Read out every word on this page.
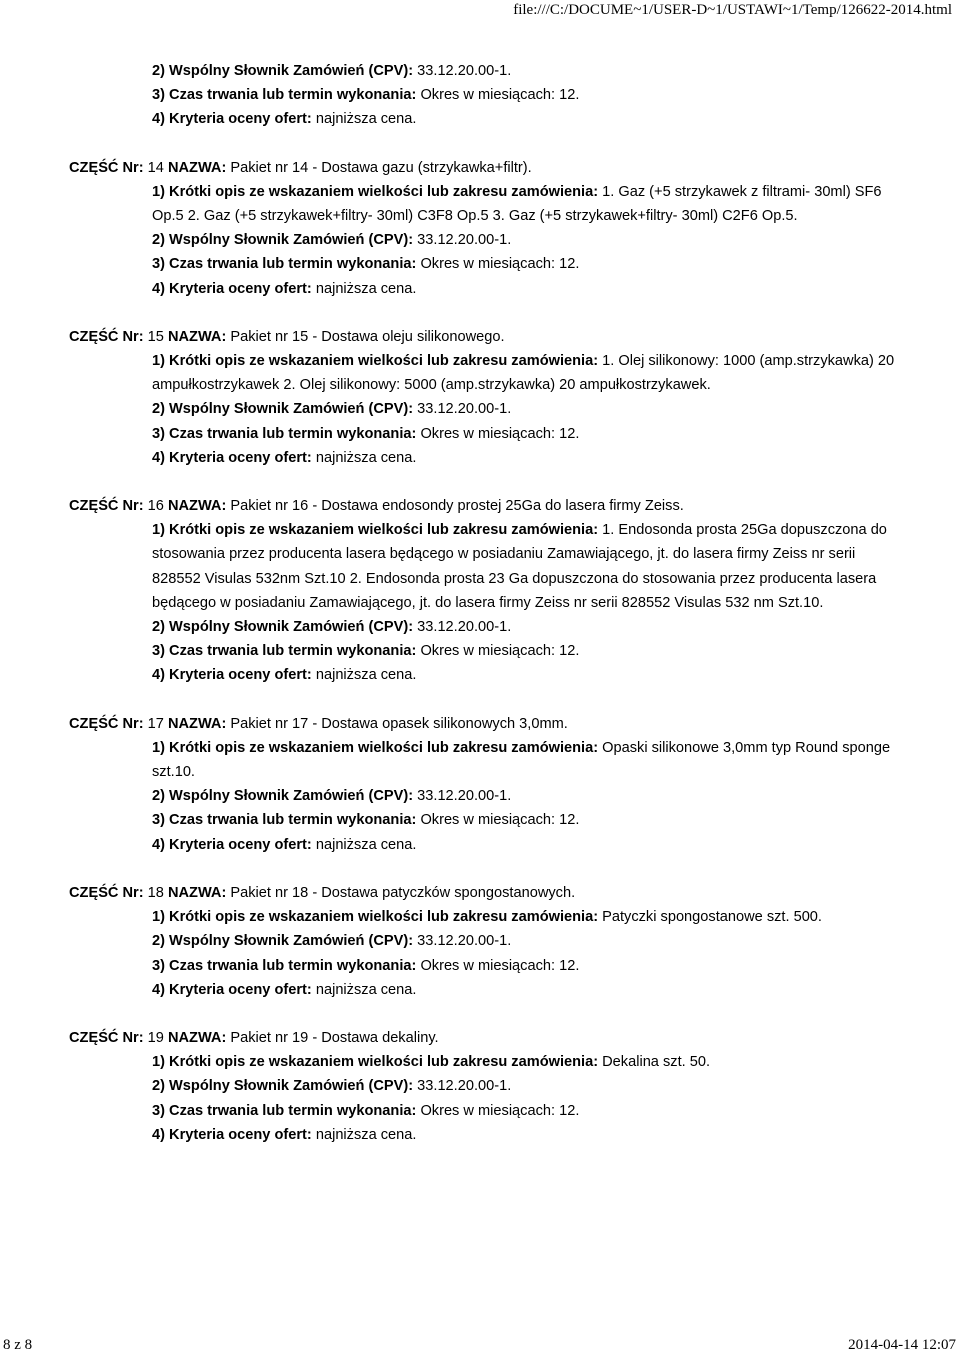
file:///C:/DOCUME~1/USER-D~1/USTAWI~1/Temp/126622-2014.html
2) Wspólny Słownik Zamówień (CPV): 33.12.20.00-1.
3) Czas trwania lub termin wykonania: Okres w miesiącach: 12.
4) Kryteria oceny ofert: najniższa cena.
CZĘŚĆ Nr: 14 NAZWA: Pakiet nr 14 - Dostawa gazu (strzykawka+filtr).
1) Krótki opis ze wskazaniem wielkości lub zakresu zamówienia: 1. Gaz (+5 strzykawek z filtrami- 30ml) SF6 Op.5 2. Gaz (+5 strzykawek+filtry- 30ml) C3F8 Op.5 3. Gaz (+5 strzykawek+filtry- 30ml) C2F6 Op.5.
2) Wspólny Słownik Zamówień (CPV): 33.12.20.00-1.
3) Czas trwania lub termin wykonania: Okres w miesiącach: 12.
4) Kryteria oceny ofert: najniższa cena.
CZĘŚĆ Nr: 15 NAZWA: Pakiet nr 15 - Dostawa oleju silikonowego.
1) Krótki opis ze wskazaniem wielkości lub zakresu zamówienia: 1. Olej silikonowy: 1000 (amp.strzykawka) 20 ampułkostrzykawek 2. Olej silikonowy: 5000 (amp.strzykawka) 20 ampułkostrzykawek.
2) Wspólny Słownik Zamówień (CPV): 33.12.20.00-1.
3) Czas trwania lub termin wykonania: Okres w miesiącach: 12.
4) Kryteria oceny ofert: najniższa cena.
CZĘŚĆ Nr: 16 NAZWA: Pakiet nr 16 - Dostawa endosondy prostej 25Ga do lasera firmy Zeiss.
1) Krótki opis ze wskazaniem wielkości lub zakresu zamówienia: 1. Endosonda prosta 25Ga dopuszczona do stosowania przez producenta lasera będącego w posiadaniu Zamawiającego, jt. do lasera firmy Zeiss nr serii 828552 Visulas 532nm Szt.10 2. Endosonda prosta 23 Ga dopuszczona do stosowania przez producenta lasera będącego w posiadaniu Zamawiającego, jt. do lasera firmy Zeiss nr serii 828552 Visulas 532 nm Szt.10.
2) Wspólny Słownik Zamówień (CPV): 33.12.20.00-1.
3) Czas trwania lub termin wykonania: Okres w miesiącach: 12.
4) Kryteria oceny ofert: najniższa cena.
CZĘŚĆ Nr: 17 NAZWA: Pakiet nr 17 - Dostawa opasek silikonowych 3,0mm.
1) Krótki opis ze wskazaniem wielkości lub zakresu zamówienia: Opaski silikonowe 3,0mm typ Round sponge szt.10.
2) Wspólny Słownik Zamówień (CPV): 33.12.20.00-1.
3) Czas trwania lub termin wykonania: Okres w miesiącach: 12.
4) Kryteria oceny ofert: najniższa cena.
CZĘŚĆ Nr: 18 NAZWA: Pakiet nr 18 - Dostawa patyczków spongostanowych.
1) Krótki opis ze wskazaniem wielkości lub zakresu zamówienia: Patyczki spongostanowe szt. 500.
2) Wspólny Słownik Zamówień (CPV): 33.12.20.00-1.
3) Czas trwania lub termin wykonania: Okres w miesiącach: 12.
4) Kryteria oceny ofert: najniższa cena.
CZĘŚĆ Nr: 19 NAZWA: Pakiet nr 19 - Dostawa dekaliny.
1) Krótki opis ze wskazaniem wielkości lub zakresu zamówienia: Dekalina szt. 50.
2) Wspólny Słownik Zamówień (CPV): 33.12.20.00-1.
3) Czas trwania lub termin wykonania: Okres w miesiącach: 12.
4) Kryteria oceny ofert: najniższa cena.
8 z 8	2014-04-14 12:07
